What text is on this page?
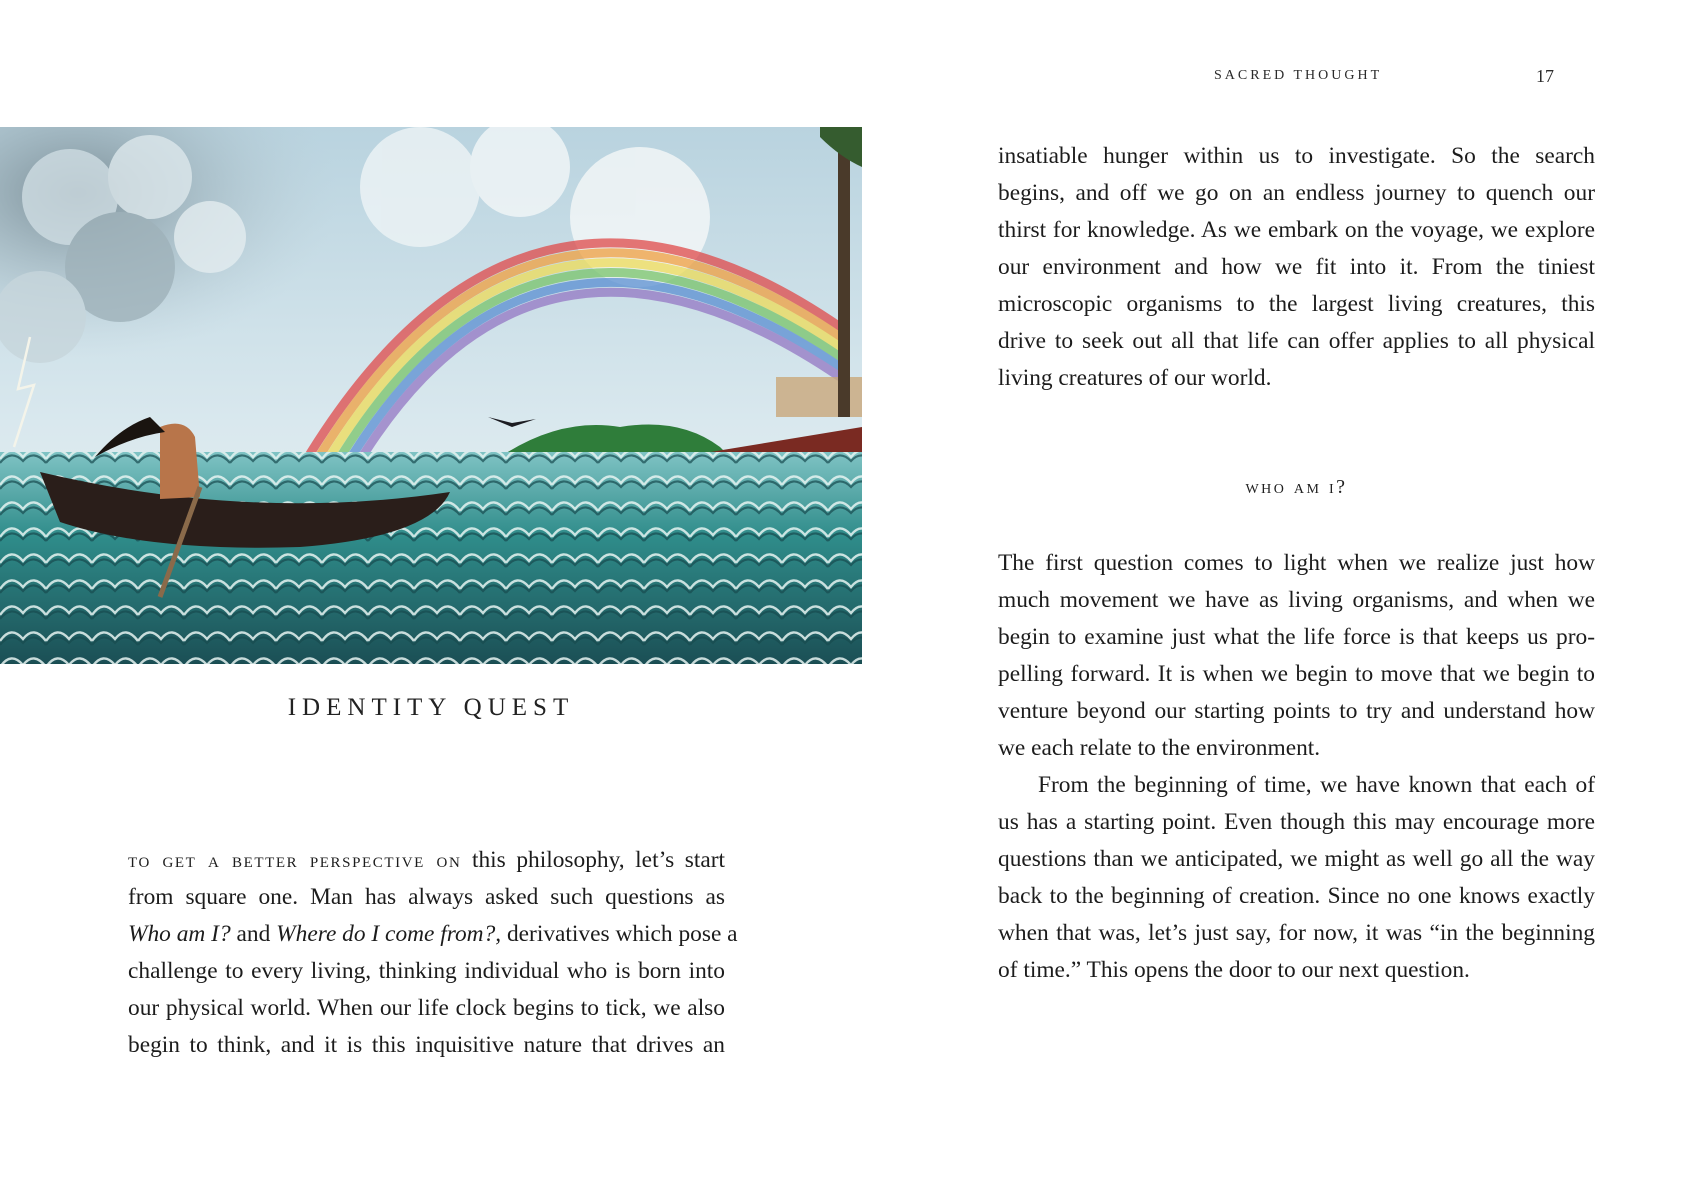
IDENTITY QUEST
to get a better perspective on this philosophy, let’s start
from square one. Man has always asked such questions as
Who am I? and Where do I come from?, derivatives which pose a
challenge to every living, thinking individual who is born into
our physical world. When our life clock begins to tick, we also
begin to think, and it is this inquisitive nature that drives an
SACRED THOUGHT	17
insatiable hunger within us to investigate. So the search
begins, and off we go on an endless journey to quench our
thirst for knowledge. As we embark on the voyage, we explore
our environment and how we fit into it. From the tiniest
microscopic organisms to the largest living creatures, this
drive to seek out all that life can offer applies to all physical
living creatures of our world.
who am i?
The first question comes to light when we realize just how
much movement we have as living organisms, and when we
begin to examine just what the life force is that keeps us pro-
pelling forward. It is when we begin to move that we begin to
venture beyond our starting points to try and understand how
we each relate to the environment.
From the beginning of time, we have known that each of
us has a starting point. Even though this may encourage more
questions than we anticipated, we might as well go all the way
back to the beginning of creation. Since no one knows exactly
when that was, let’s just say, for now, it was “in the beginning
of time.” This opens the door to our next question.
